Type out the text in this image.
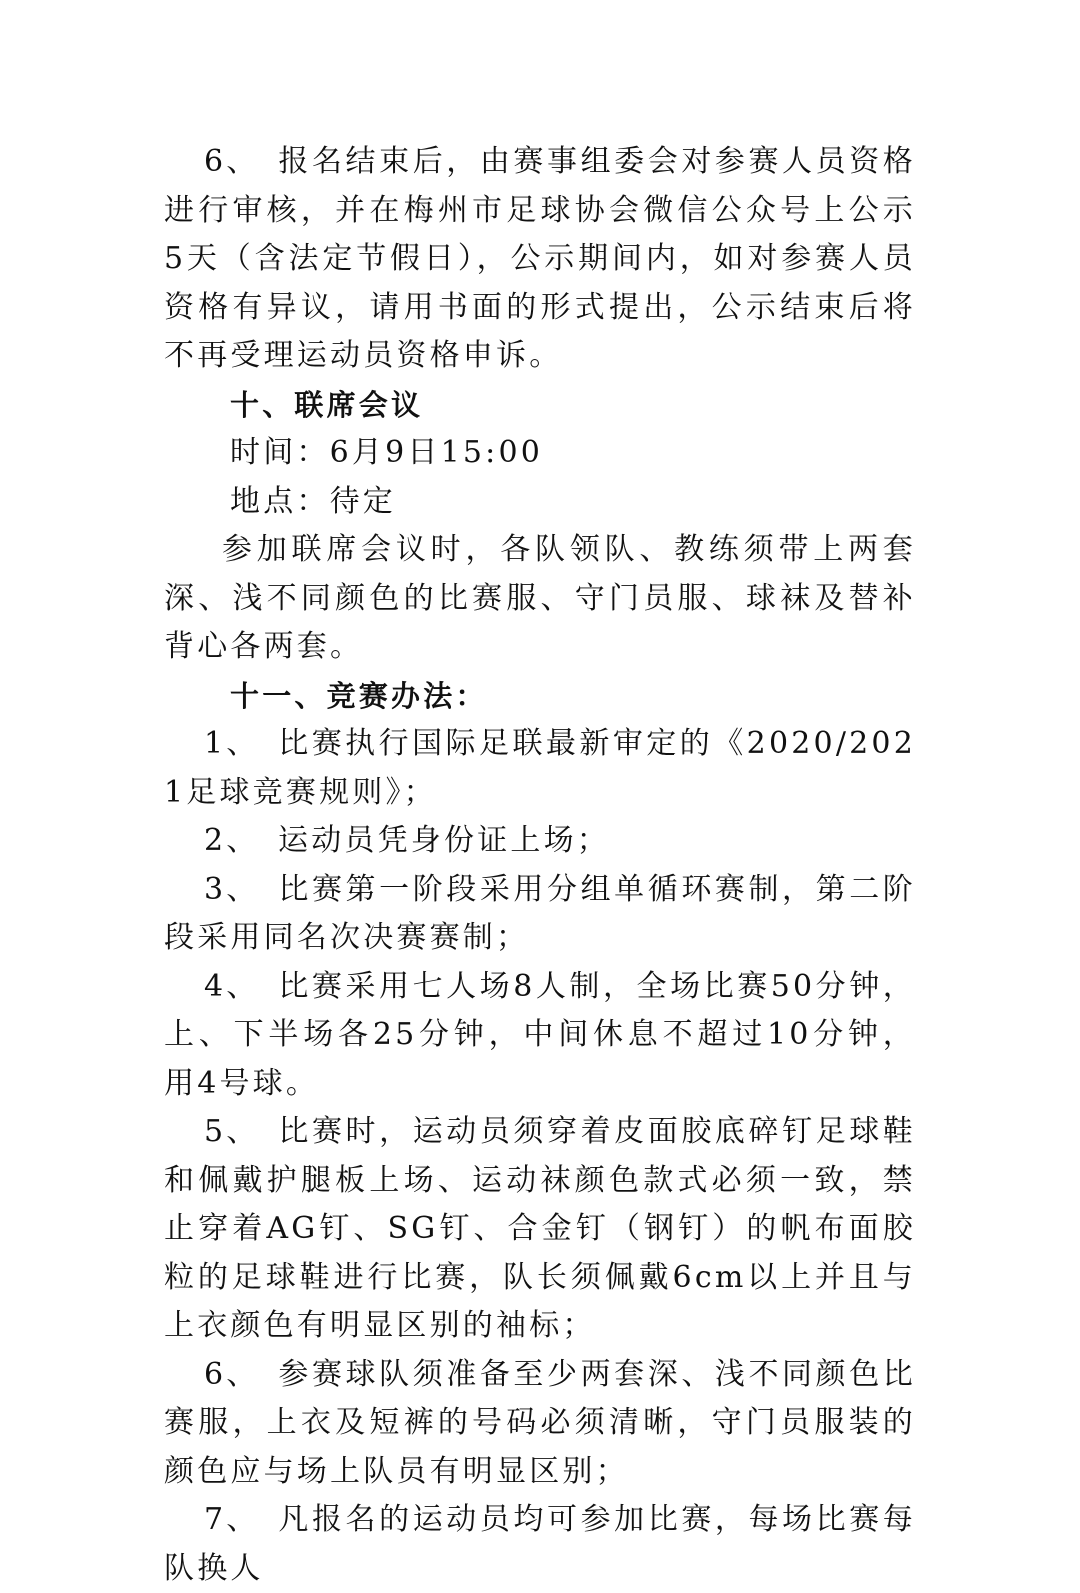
6、 报名结束后，由赛事组委会对参赛人员资格进行审核，并在梅州市足球协会微信公众号上公示5天（含法定节假日），公示期间内，如对参赛人员资格有异议，请用书面的形式提出，公示结束后将不再受理运动员资格申诉。

十、联席会议

时间：6月9日15:00

地点：待定

参加联席会议时，各队领队、教练须带上两套深、浅不同颜色的比赛服、守门员服、球袜及替补背心各两套。

十一、竞赛办法：

1、 比赛执行国际足联最新审定的《2020/2021足球竞赛规则》；

2、 运动员凭身份证上场；

3、 比赛第一阶段采用分组单循环赛制，第二阶段采用同名次决赛赛制；

4、 比赛采用七人场8人制，全场比赛50分钟，上、下半场各25分钟，中间休息不超过10分钟，用4号球。

5、 比赛时，运动员须穿着皮面胶底碎钉足球鞋和佩戴护腿板上场、运动袜颜色款式必须一致，禁止穿着AG钉、SG钉、合金钉（钢钉）的帆布面胶粒的足球鞋进行比赛，队长须佩戴6cm以上并且与上衣颜色有明显区别的袖标；

6、 参赛球队须准备至少两套深、浅不同颜色比赛服，上衣及短裤的号码必须清晰，守门员服装的颜色应与场上队员有明显区别；

7、 凡报名的运动员均可参加比赛，每场比赛每队换人
